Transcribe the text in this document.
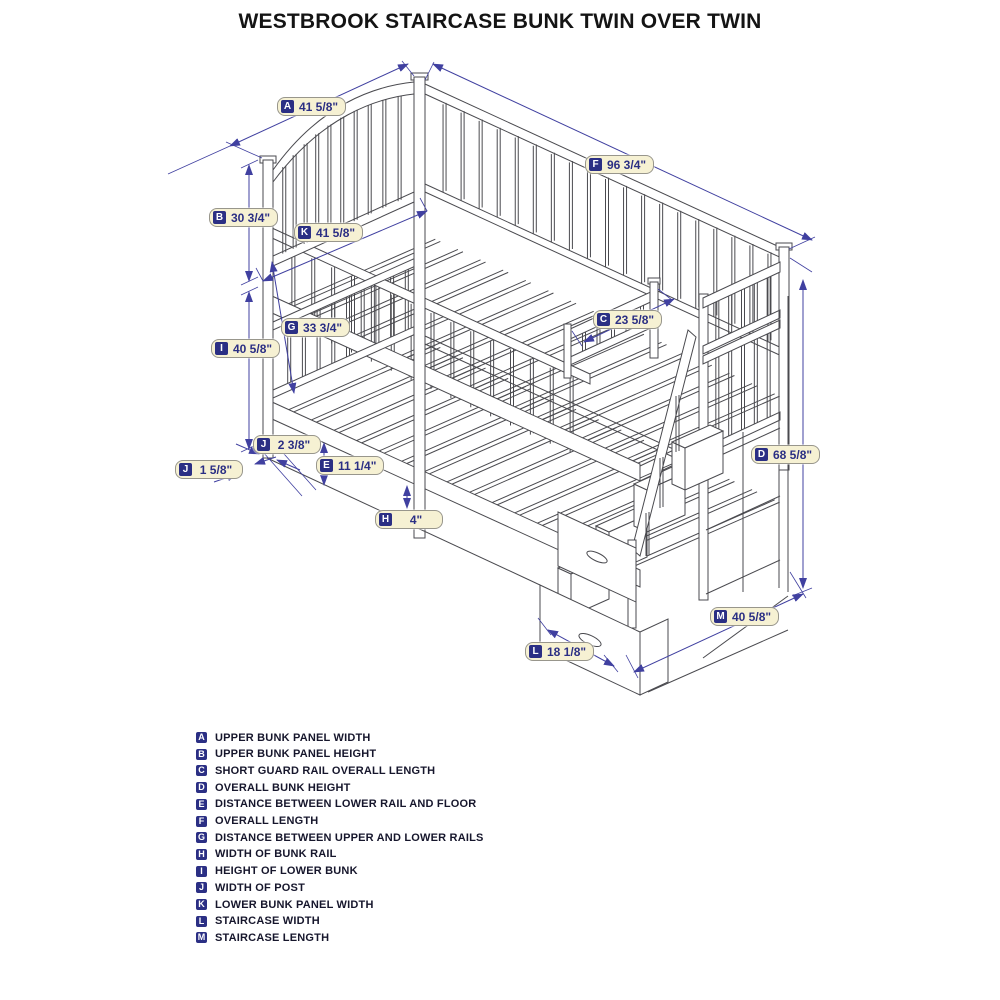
WESTBROOK STAIRCASE BUNK TWIN OVER TWIN
A 41 5/8"
B 30 3/4"
K 41 5/8"
F 96 3/4"
G 33 3/4"
C 23 5/8"
I 40 5/8"
J 2 3/8"
J 1 5/8"	E 11 1/4"
H	4"
D 68 5/8"
M 40 5/8"
L 18 1/8"
A UPPER BUNK PANEL WIDTH
B UPPER BUNK PANEL HEIGHT
C SHORT GUARD RAIL OVERALL LENGTH
D OVERALL BUNK HEIGHT
E DISTANCE BETWEEN LOWER RAIL AND FLOOR
F OVERALL LENGTH
G DISTANCE BETWEEN UPPER AND LOWER RAILS
H WIDTH OF BUNK RAIL
I	HEIGHT OF LOWER BUNK
J WIDTH OF POST
K LOWER BUNK PANEL WIDTH
L STAIRCASE WIDTH
M STAIRCASE LENGTH
